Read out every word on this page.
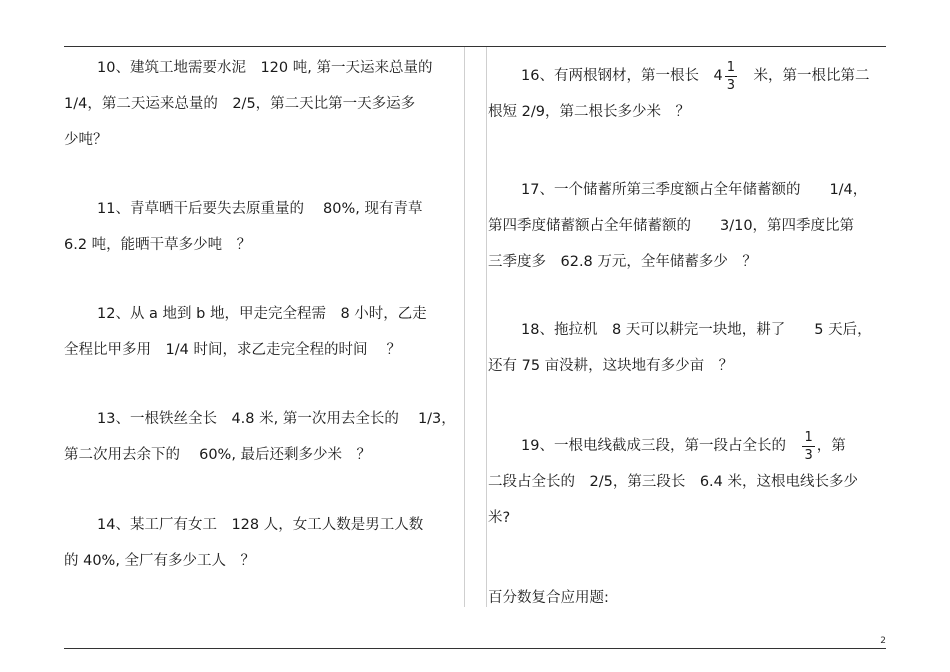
10、建筑工地需要水泥　120 吨, 第一天运来总量的

1/4，第二天运来总量的　2/5，第二天比第一天多运多

少吨？

11、青草晒干后要失去原重量的　 80%, 现有青草

6.2 吨，能晒干草多少吨　？

12、从 a 地到 b 地，甲走完全程需　8 小时，乙走

全程比甲多用　1/4 时间，求乙走完全程的时间　 ？

13、一根铁丝全长　4.8 米, 第一次用去全长的　 1/3，

第二次用去余下的　 60%, 最后还剩多少米　？

14、某工厂有女工　128 人，女工人数是男工人数

的 40%, 全厂有多少工人　？

16、有两根钢材，第一根长　 $4 \frac{1}{3}$ 　米，第一根比第二

根短 2/9，第二根长多少米　？

17、一个储蓄所第三季度额占全年储蓄额的　　1/4，

第四季度储蓄额占全年储蓄额的　　3/10，第四季度比第

三季度多　62.8 万元，全年储蓄多少　？

18、拖拉机　8 天可以耕完一块地，耕了　　5 天后，

还有 75 亩没耕，这块地有多少亩　？

19、一根电线截成三段，第一段占全长的　 $\frac{1}{3}$ ，第

二段占全长的　2/5，第三段长　6.4 米，这根电线长多少

米?

百分数复合应用题:
2
